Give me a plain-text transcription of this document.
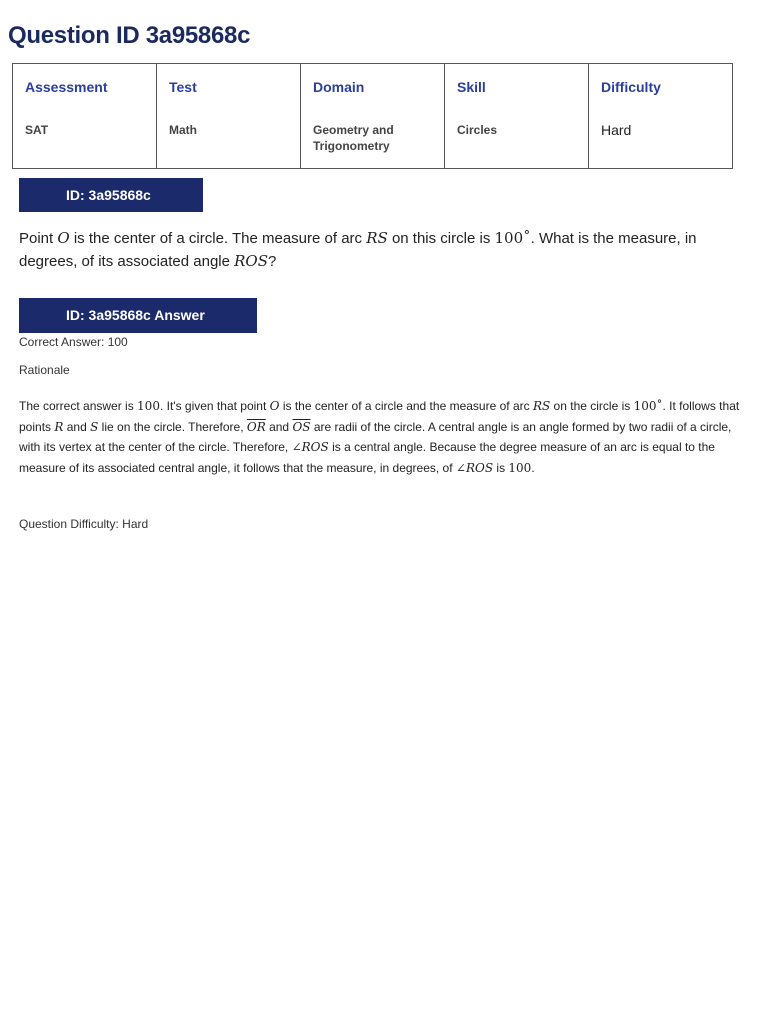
Question ID 3a95868c
Assessment	Test	Domain	Skill	Difficulty
SAT	Math	Geometry and Trigonometry	Circles	Hard
ID: 3a95868c

Point O is the center of a circle. The measure of arc RS on this circle is 100˚. What is the measure, in degrees, of its associated angle ROS?

ID: 3a95868c Answer

Correct Answer: 100

Rationale

The correct answer is 100. It's given that point O is the center of a circle and the measure of arc RS on the circle is 100˚. It follows that points R and S lie on the circle. Therefore, $\overline{OR}$ and $\overline{OS}$ are radii of the circle. A central angle is an angle formed by two radii of a circle, with its vertex at the center of the circle. Therefore, ∠ROS is a central angle. Because the degree measure of an arc is equal to the measure of its associated central angle, it follows that the measure, in degrees, of ∠ROS is 100.

Question Difficulty: Hard
